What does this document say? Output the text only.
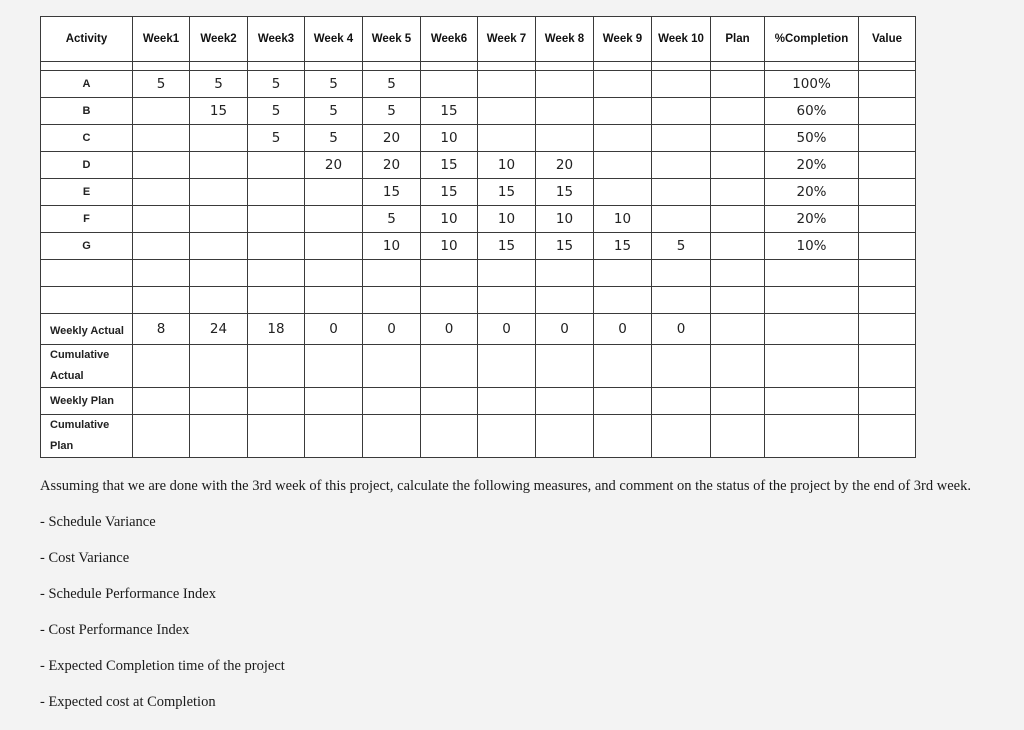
Activity	Week1	Week2	Week3	Week 4	Week 5	Week6	Week 7	Week 8	Week 9	Week 10	Plan	%Completion	Value

A	5	5	5	5	5							100%	
B		15	5	5	5	15						60%	
C			5	5	20	10						50%	
D				20	20	15	10	20				20%	
E					15	15	15	15				20%	
F					5	10	10	10	10			20%	
G					10	10	15	15	15	5		10%	

Weekly Actual	8	24	18	0	0	0	0	0	0	0			
Cumulative Actual													
Weekly Plan													
Cumulative Plan													

Assuming that we are done with the 3rd week of this project, calculate the following measures, and comment on the status of the project by the end of 3rd week.

- Schedule Variance
- Cost Variance
- Schedule Performance Index
- Cost Performance Index
- Expected Completion time of the project
- Expected cost at Completion
